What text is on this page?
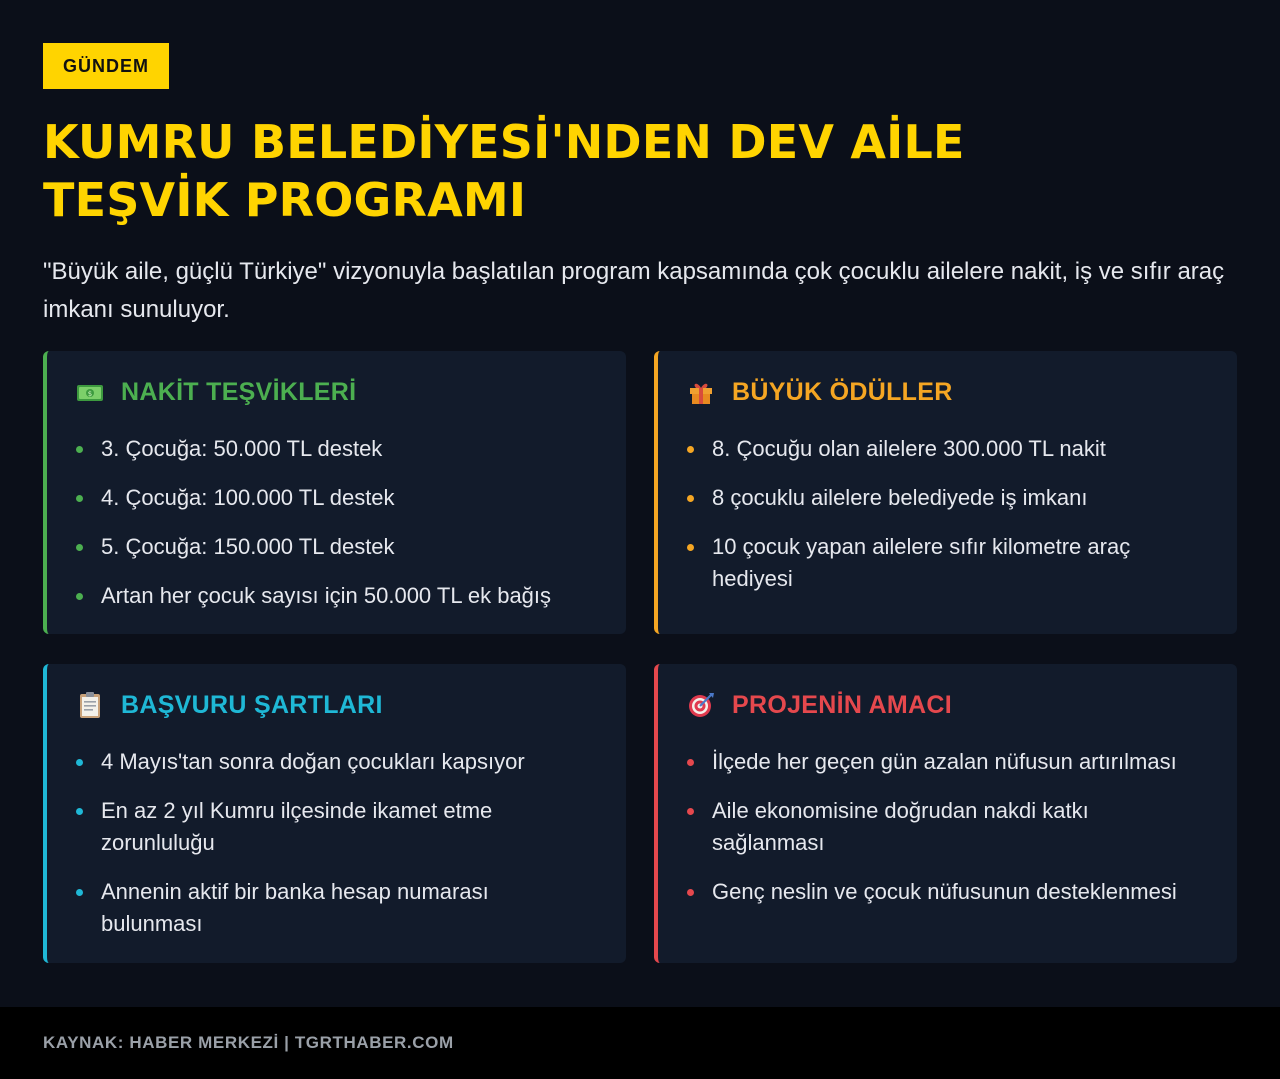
GÜNDEM
KUMRU BELEDİYESİ'NDEN DEV AİLE TEŞVİK PROGRAMI

"Büyük aile, güçlü Türkiye" vizyonuyla başlatılan program kapsamında çok çocuklu ailelere nakit, iş ve sıfır araç imkanı sunuluyor.

$ NAKİT TEŞVİKLERİ
3. Çocuğa: 50.000 TL destek
4. Çocuğa: 100.000 TL destek
5. Çocuğa: 150.000 TL destek
Artan her çocuk sayısı için 50.000 TL ek bağış
BÜYÜK ÖDÜLLER
8. Çocuğu olan ailelere 300.000 TL nakit
8 çocuklu ailelere belediyede iş imkanı
10 çocuk yapan ailelere sıfır kilometre araç hediyesi
BAŞVURU ŞARTLARI
4 Mayıs'tan sonra doğan çocukları kapsıyor
En az 2 yıl Kumru ilçesinde ikamet etme zorunluluğu
Annenin aktif bir banka hesap numarası bulunması
PROJENİN AMACI
İlçede her geçen gün azalan nüfusun artırılması
Aile ekonomisine doğrudan nakdi katkı sağlanması
Genç neslin ve çocuk nüfusunun desteklenmesi
KAYNAK: HABER MERKEZİ | TGRTHABER.COM
